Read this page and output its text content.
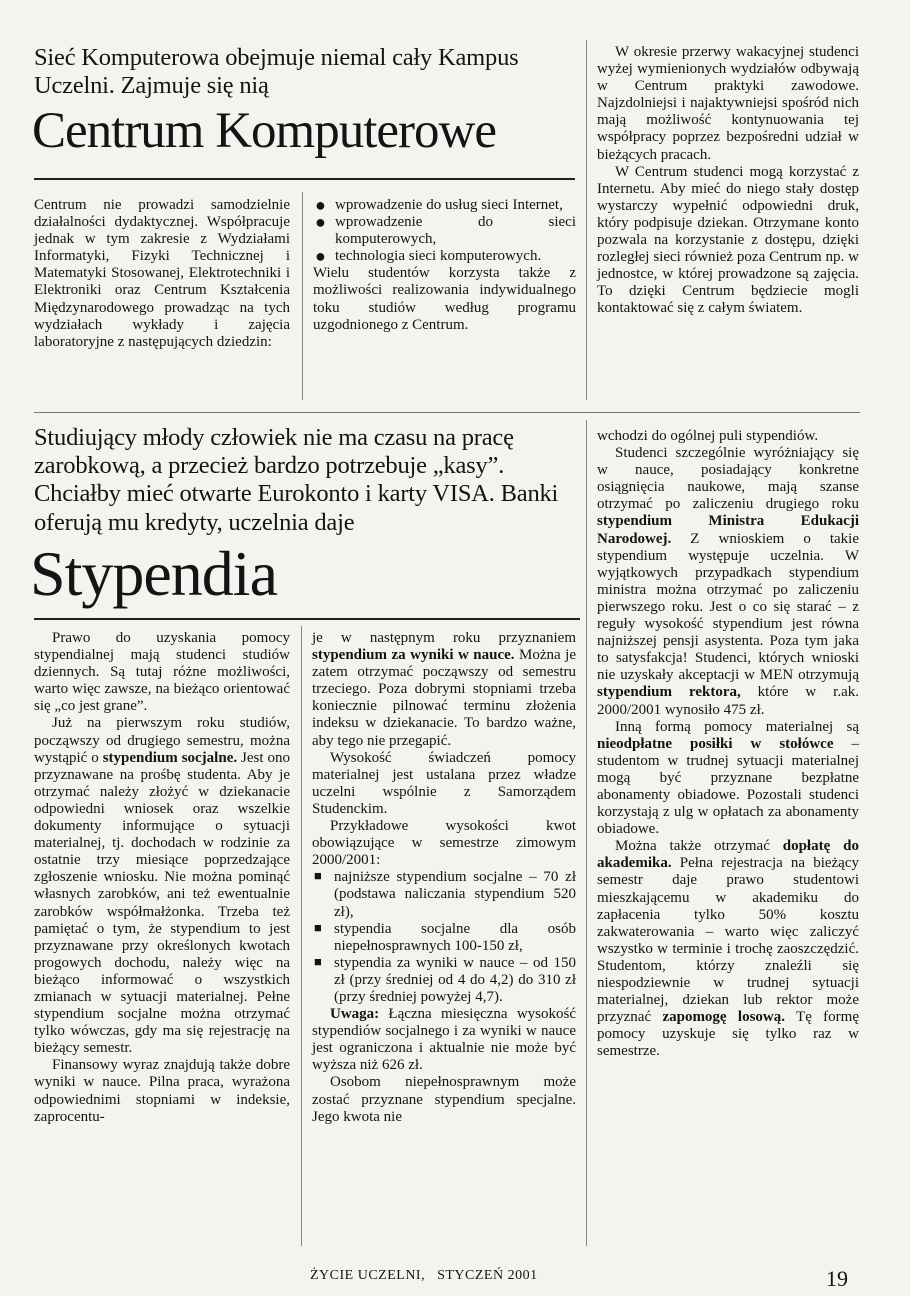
Sieć Komputerowa obejmuje niemal cały Kampus Uczelni. Zajmuje się nią
Centrum Komputerowe

Centrum nie prowadzi samodzielnie działalności dydaktycznej. Współpracuje jednak w tym zakresie z Wydziałami Informatyki, Fizyki Technicznej i Matematyki Stosowanej, Elektrotechniki i Elektroniki oraz Centrum Kształcenia Międzynarodowego prowadząc na tych wydziałach wykłady i zajęcia laboratoryjne z następujących dziedzin:

● wprowadzenie do usług sieci Internet,
● wprowadzenie do sieci komputerowych,
● technologia sieci komputerowych.

Wielu studentów korzysta także z możliwości realizowania indywidualnego toku studiów według programu uzgodnionego z Centrum.

W okresie przerwy wakacyjnej studenci wyżej wymienionych wydziałów odbywają w Centrum praktyki zawodowe. Najzdolniejsi i najaktywniejsi spośród nich mają możliwość kontynuowania tej współpracy poprzez bezpośredni udział w bieżących pracach.

W Centrum studenci mogą korzystać z Internetu. Aby mieć do niego stały dostęp wystarczy wypełnić odpowiedni druk, który podpisuje dziekan. Otrzymane konto pozwala na korzystanie z dostępu, dzięki rozległej sieci również poza Centrum np. w jednostce, w której prowadzone są zajęcia. To dzięki Centrum będziecie mogli kontaktować się z całym światem.

Studiujący młody człowiek nie ma czasu na pracę zarobkową, a przecież bardzo potrzebuje „kasy”. Chciałby mieć otwarte Eurokonto i karty VISA. Banki oferują mu kredyty, uczelnia daje
Stypendia

Prawo do uzyskania pomocy stypendialnej mają studenci studiów dziennych. Są tutaj różne możliwości, warto więc zawsze, na bieżąco orientować się „co jest grane”.

Już na pierwszym roku studiów, począwszy od drugiego semestru, można wystąpić o stypendium socjalne. Jest ono przyznawane na prośbę studenta. Aby je otrzymać należy złożyć w dziekanacie odpowiedni wniosek oraz wszelkie dokumenty informujące o sytuacji materialnej, tj. dochodach w rodzinie za ostatnie trzy miesiące poprzedzające zgłoszenie wniosku. Nie można pominąć własnych zarobków, ani też ewentualnie zarobków współmałżonka. Trzeba też pamiętać o tym, że stypendium to jest przyznawane przy określonych kwotach progowych dochodu, należy więc na bieżąco informować o wszystkich zmianach w sytuacji materialnej. Pełne stypendium socjalne można otrzymać tylko wówczas, gdy ma się rejestrację na bieżący semestr.

Finansowy wyraz znajdują także dobre wyniki w nauce. Pilna praca, wyrażona odpowiednimi stopniami w indeksie, zaprocentu-

je w następnym roku przyznaniem stypendium za wyniki w nauce. Można je zatem otrzymać począwszy od semestru trzeciego. Poza dobrymi stopniami trzeba koniecznie pilnować terminu złożenia indeksu w dziekanacie. To bardzo ważne, aby tego nie przegapić.

Wysokość świadczeń pomocy materialnej jest ustalana przez władze uczelni wspólnie z Samorządem Studenckim.

Przykładowe wysokości kwot obowiązujące w semestrze zimowym 2000/2001:

■ najniższe stypendium socjalne – 70 zł (podstawa naliczania stypendium 520 zł),
■ stypendia socjalne dla osób niepełnosprawnych 100-150 zł,
■ stypendia za wyniki w nauce – od 150 zł (przy średniej od 4 do 4,2) do 310 zł (przy średniej powyżej 4,7).

Uwaga: Łączna miesięczna wysokość stypendiów socjalnego i za wyniki w nauce jest ograniczona i aktualnie nie może być wyższa niż 626 zł.

Osobom niepełnosprawnym może zostać przyznane stypendium specjalne. Jego kwota nie

wchodzi do ogólnej puli stypendiów.

Studenci szczególnie wyróżniający się w nauce, posiadający konkretne osiągnięcia naukowe, mają szanse otrzymać po zaliczeniu drugiego roku stypendium Ministra Edukacji Narodowej. Z wnioskiem o takie stypendium występuje uczelnia. W wyjątkowych przypadkach stypendium ministra można otrzymać po zaliczeniu pierwszego roku. Jest o co się starać – z reguły wysokość stypendium jest równa najniższej pensji asystenta. Poza tym jaka to satysfakcja! Studenci, których wnioski nie uzyskały akceptacji w MEN otrzymują stypendium rektora, które w r.ak. 2000/2001 wynosiło 475 zł.

Inną formą pomocy materialnej są nieodpłatne posiłki w stołówce – studentom w trudnej sytuacji materialnej mogą być przyznane bezpłatne abonamenty obiadowe. Pozostali studenci korzystają z ulg w opłatach za abonamenty obiadowe.

Można także otrzymać dopłatę do akademika. Pełna rejestracja na bieżący semestr daje prawo studentowi mieszkającemu w akademiku do zapłacenia tylko 50% kosztu zakwaterowania – warto więc zaliczyć wszystko w terminie i trochę zaoszczędzić. Studentom, którzy znaleźli się niespodziewnie w trudnej sytuacji materialnej, dziekan lub rektor może przyznać zapomogę losową. Tę formę pomocy uzyskuje się tylko raz w semestrze.

ŻYCIE UCZELNI,   STYCZEŃ 2001	19
